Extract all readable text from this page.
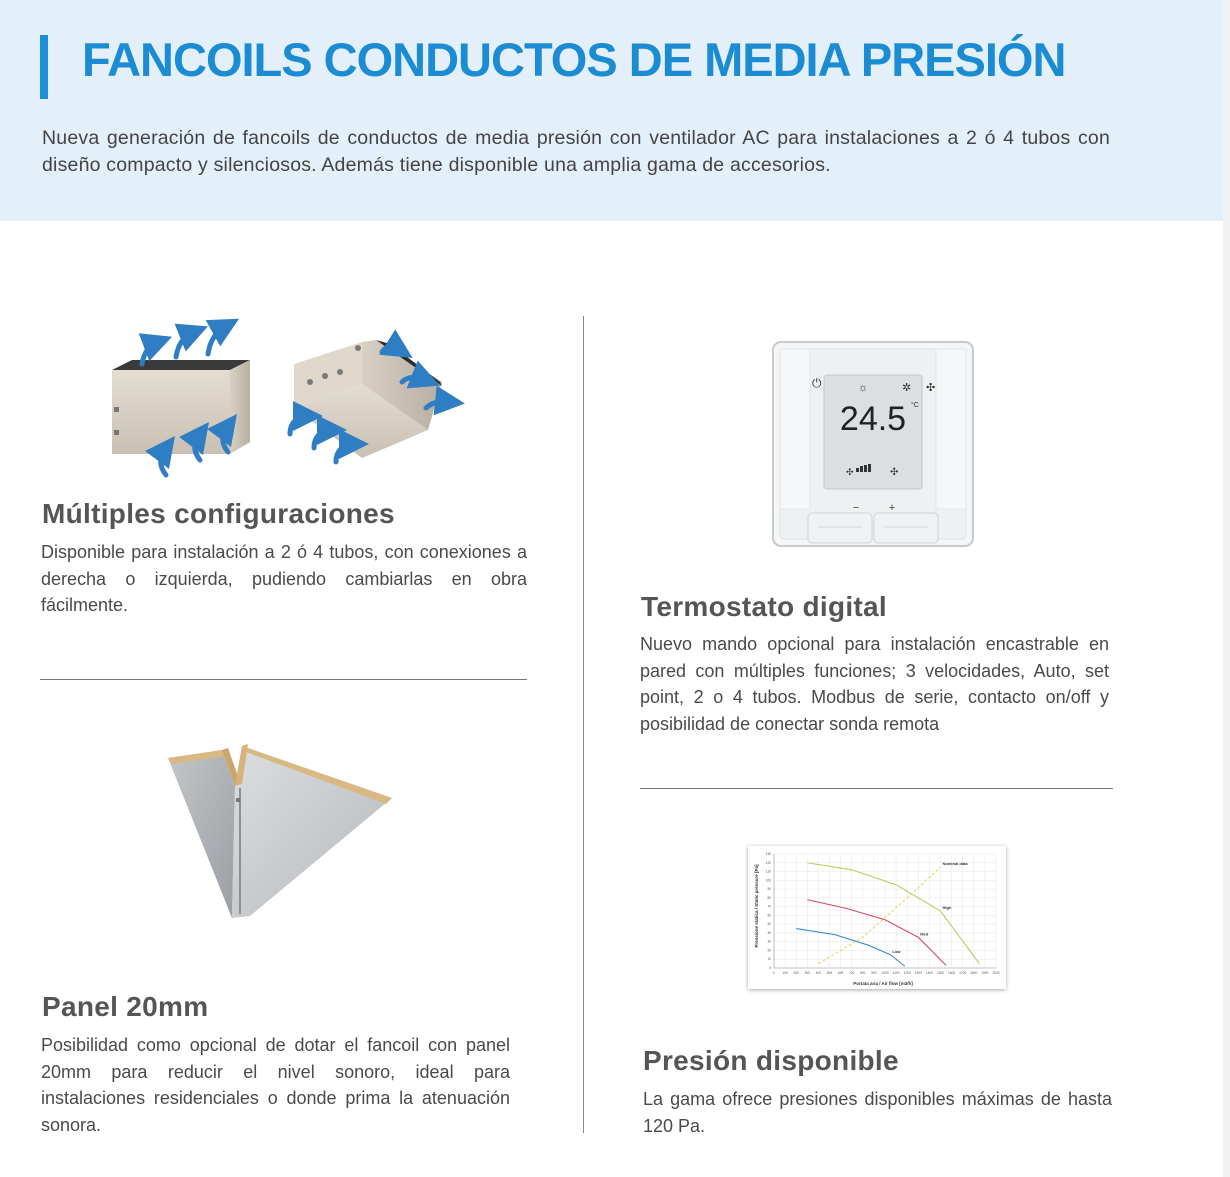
FANCOILS CONDUCTOS DE MEDIA PRESIÓN

Nueva generación de fancoils de conductos de media presión con ventilador AC para instalaciones a 2 ó 4 tubos con diseño compacto y silenciosos. Además tiene disponible una amplia gama de accesorios.

Múltiples configuraciones

Disponible para instalación a 2 ó 4 tubos, con conexiones a derecha o izquierda, pudiendo cambiarlas en obra fácilmente.

Panel 20mm

Posibilidad como opcional de dotar el fancoil con panel 20mm para reducir el nivel sonoro, ideal para instalaciones residenciales o donde prima la atenuación sonora.

24.5 °C
☼	✲ ✣
⏻
✣	✣
−	+
Termostato digital

Nuevo mando opcional para instalación encastrable en pared con múltiples funciones; 3 velocidades, Auto, set point, 2 o 4 tubos. Modbus de serie, contacto on/off y posibilidad de conectar sonda remota

0 100 200 300 400 500 600 700 800 900 1000 1100 1200 1300 1400 1500 1600 1700 1800 1900 2000
0
10
20
30
40
50
60
70
80
90
100
110
120
130
High
Med
Low
Nominal data
Portata aria / Air flow [m3/h]
Pressione statica / Static pressure [Pa]
Presión disponible

La gama ofrece presiones disponibles máximas de hasta 120 Pa.
